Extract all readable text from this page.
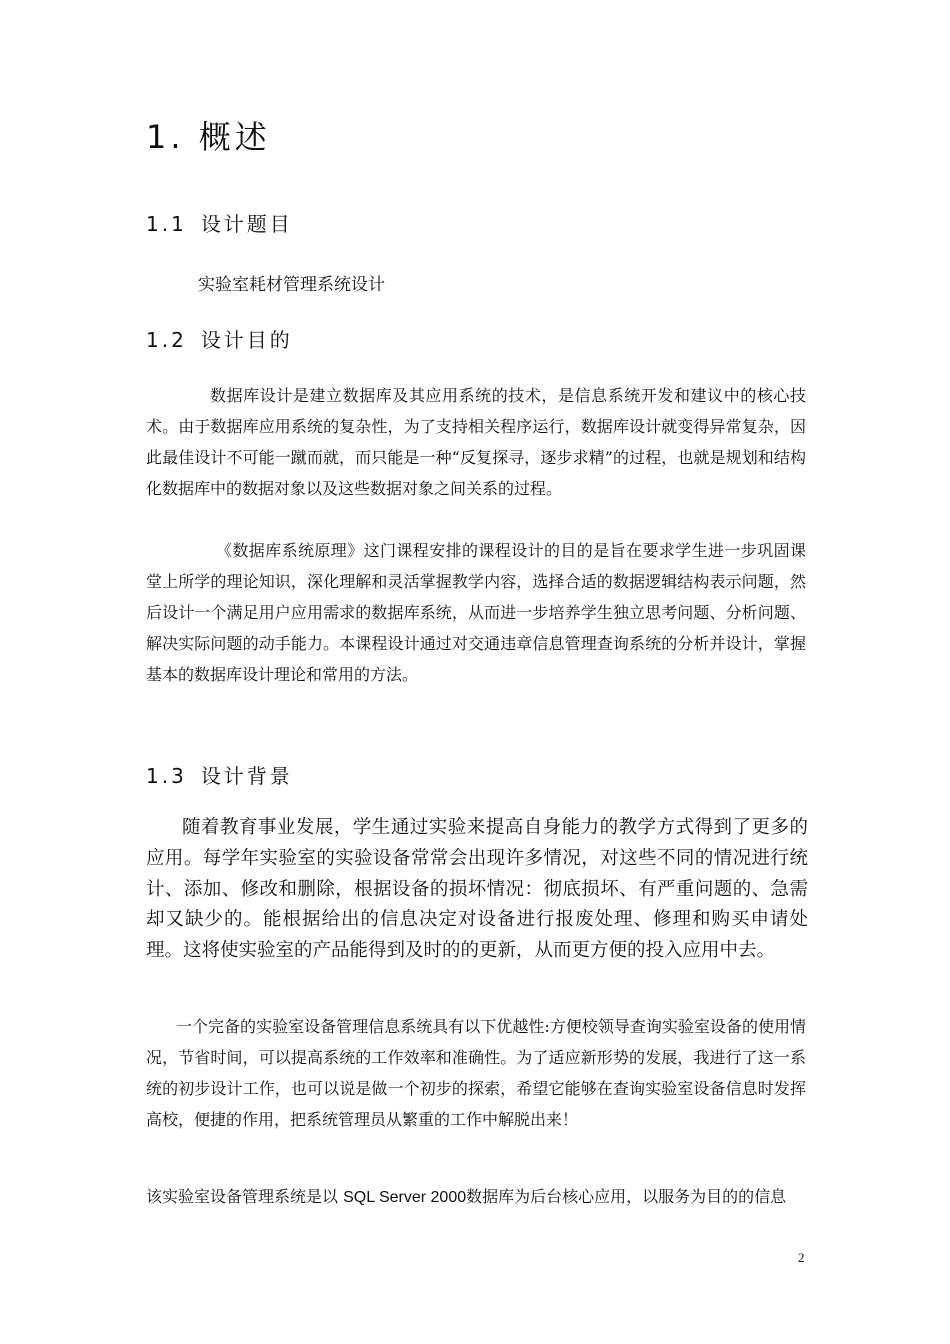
1. 概述
1.1 设计题目
实验室耗材管理系统设计
1.2 设计目的

数据库设计是建立数据库及其应用系统的技术，是信息系统开发和建议中的核心技术。由于数据库应用系统的复杂性，为了支持相关程序运行，数据库设计就变得异常复杂，因此最佳设计不可能一蹴而就，而只能是一种“反复探寻，逐步求精”的过程，也就是规划和结构化数据库中的数据对象以及这些数据对象之间关系的过程。

《数据库系统原理》这门课程安排的课程设计的目的是旨在要求学生进一步巩固课堂上所学的理论知识，深化理解和灵活掌握教学内容，选择合适的数据逻辑结构表示问题，然后设计一个满足用户应用需求的数据库系统，从而进一步培养学生独立思考问题、分析问题、解决实际问题的动手能力。本课程设计通过对交通违章信息管理查询系统的分析并设计，掌握基本的数据库设计理论和常用的方法。

1.3 设计背景

随着教育事业发展，学生通过实验来提高自身能力的教学方式得到了更多的应用。每学年实验室的实验设备常常会出现许多情况，对这些不同的情况进行统计、添加、修改和删除，根据设备的损坏情况：彻底损坏、有严重问题的、急需却又缺少的。能根据给出的信息决定对设备进行报废处理、修理和购买申请处理。这将使实验室的产品能得到及时的的更新，从而更方便的投入应用中去。

一个完备的实验室设备管理信息系统具有以下优越性:方便校领导查询实验室设备的使用情况，节省时间，可以提高系统的工作效率和准确性。为了适应新形势的发展，我进行了这一系统的初步设计工作，也可以说是做一个初步的探索，希望它能够在查询实验室设备信息时发挥高校，便捷的作用，把系统管理员从繁重的工作中解脱出来！

该实验室设备管理系统是以 SQL Server 2000数据库为后台核心应用，以服务为目的的信息

2
